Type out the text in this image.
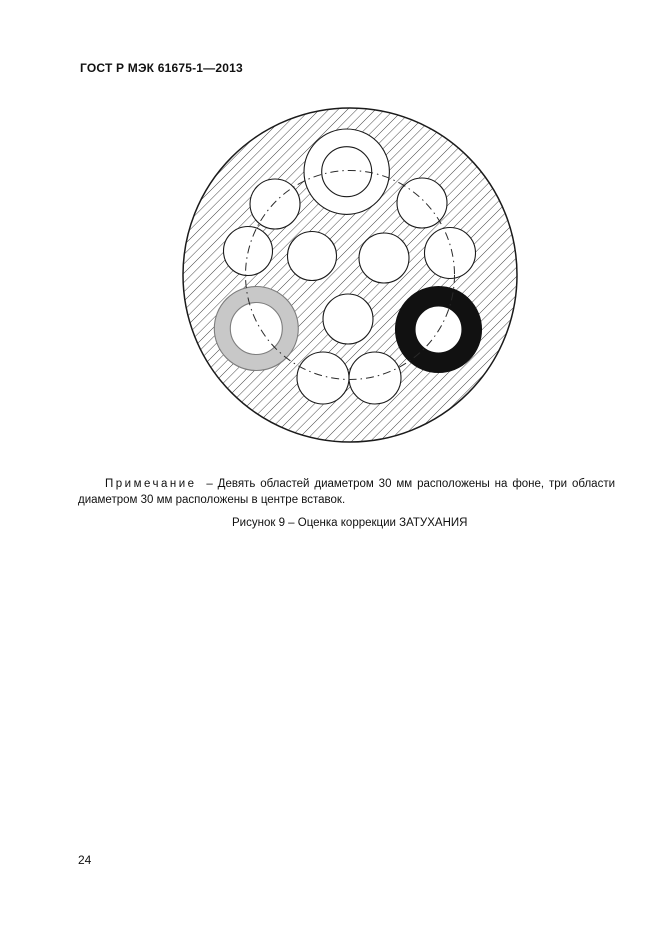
ГОСТ Р МЭК 61675-1—2013

Примечание – Девять областей диаметром 30 мм расположены на фоне, три области диаметром 30 мм расположены в центре вставок.

Рисунок 9 – Оценка коррекции ЗАТУХАНИЯ
24
